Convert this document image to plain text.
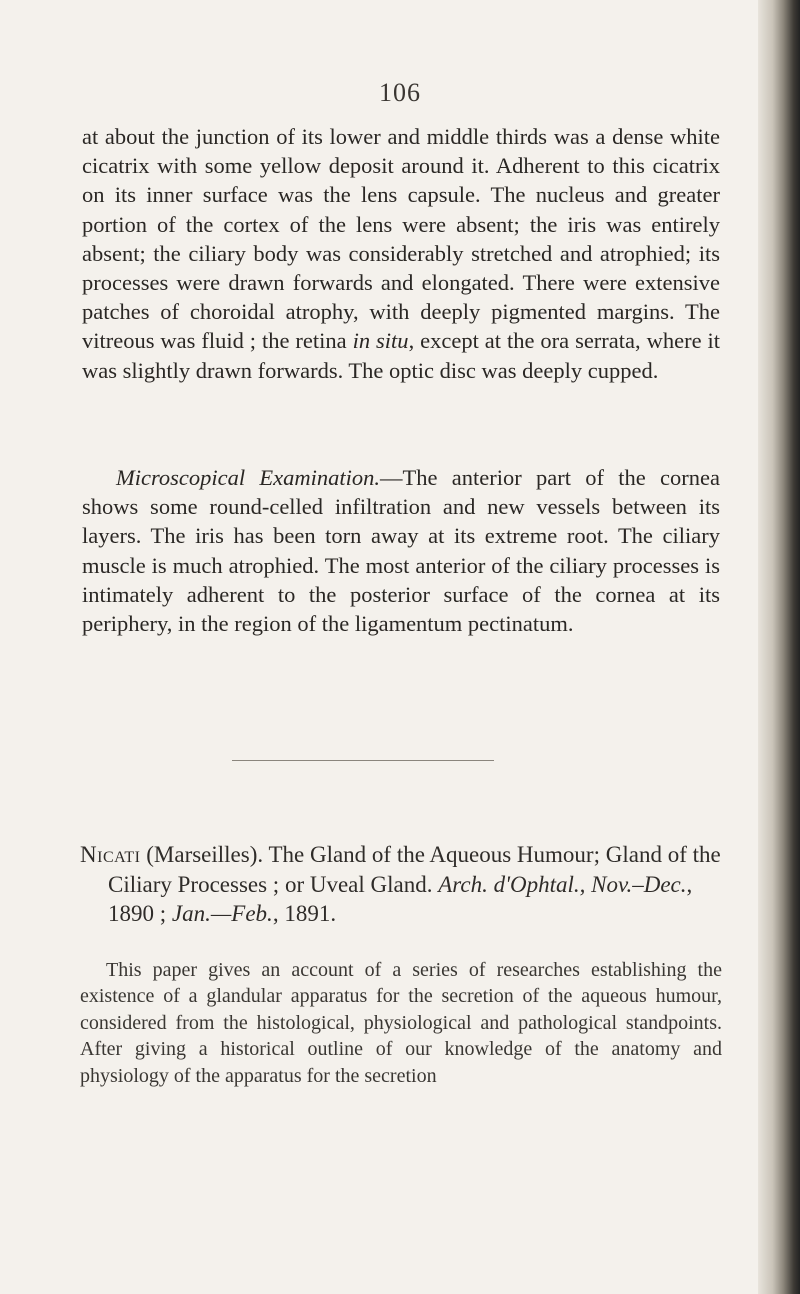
106

at about the junction of its lower and middle thirds was a dense white cicatrix with some yellow deposit around it. Adherent to this cicatrix on its inner surface was the lens capsule. The nucleus and greater portion of the cortex of the lens were absent; the iris was entirely absent; the ciliary body was considerably stretched and atrophied; its processes were drawn forwards and elongated. There were extensive patches of choroidal atrophy, with deeply pigmented margins. The vitreous was fluid ; the retina in situ, except at the ora serrata, where it was slightly drawn forwards. The optic disc was deeply cupped.

Microscopical Examination.—The anterior part of the cornea shows some round-celled infiltration and new vessels between its layers. The iris has been torn away at its extreme root. The ciliary muscle is much atrophied. The most anterior of the ciliary processes is intimately adherent to the posterior surface of the cornea at its periphery, in the region of the ligamentum pectinatum.

Nicati (Marseilles). The Gland of the Aqueous Humour; Gland of the Ciliary Processes ; or Uveal Gland. Arch. d'Ophtal., Nov.–Dec., 1890 ; Jan.—Feb., 1891.

This paper gives an account of a series of researches establishing the existence of a glandular apparatus for the secretion of the aqueous humour, considered from the histological, physiological and pathological standpoints. After giving a historical outline of our knowledge of the anatomy and physiology of the apparatus for the secretion
